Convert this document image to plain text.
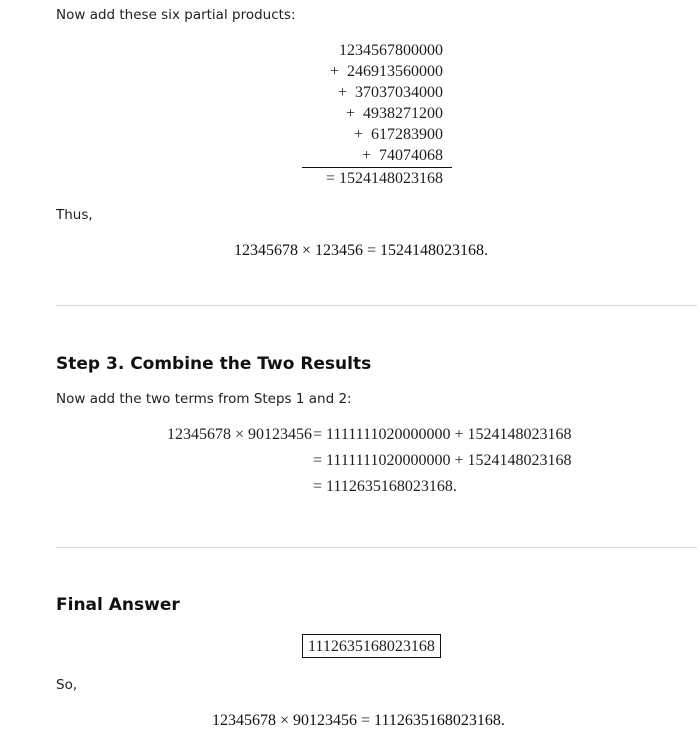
Now add these six partial products:
1234567800000
+ 246913560000
+ 37037034000
+ 4938271200
+ 617283900
+ 74074068
= 1524148023168
Thus,
12345678 × 123456 = 1524148023168.
Step 3. Combine the Two Results
Now add the two terms from Steps 1 and 2:
12345678 × 90123456 = 1111111020000000 + 1524148023168
= 1111111020000000 + 1524148023168
= 1112635168023168.
Final Answer
1112635168023168
So,
12345678 × 90123456 = 1112635168023168.
